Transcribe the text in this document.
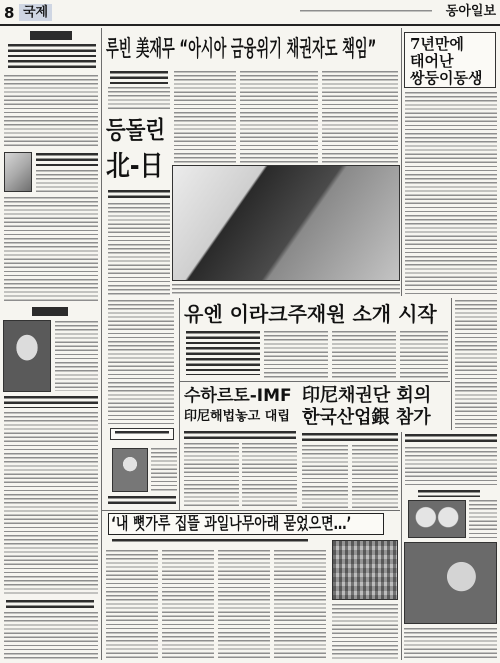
8 국제	동아일보
루빈 美재무 “아시아 금융위기 채권자도 책임”
등돌린
北-日
7년만에
태어난
쌍둥이동생
유엔 이라크주재원 소개 시작
수하르토-IMF
印尼해법놓고 대립
印尼채권단 회의
한국산업銀 참가
‘내 뼛가루 집뜰 과일나무아래 묻었으면…’
